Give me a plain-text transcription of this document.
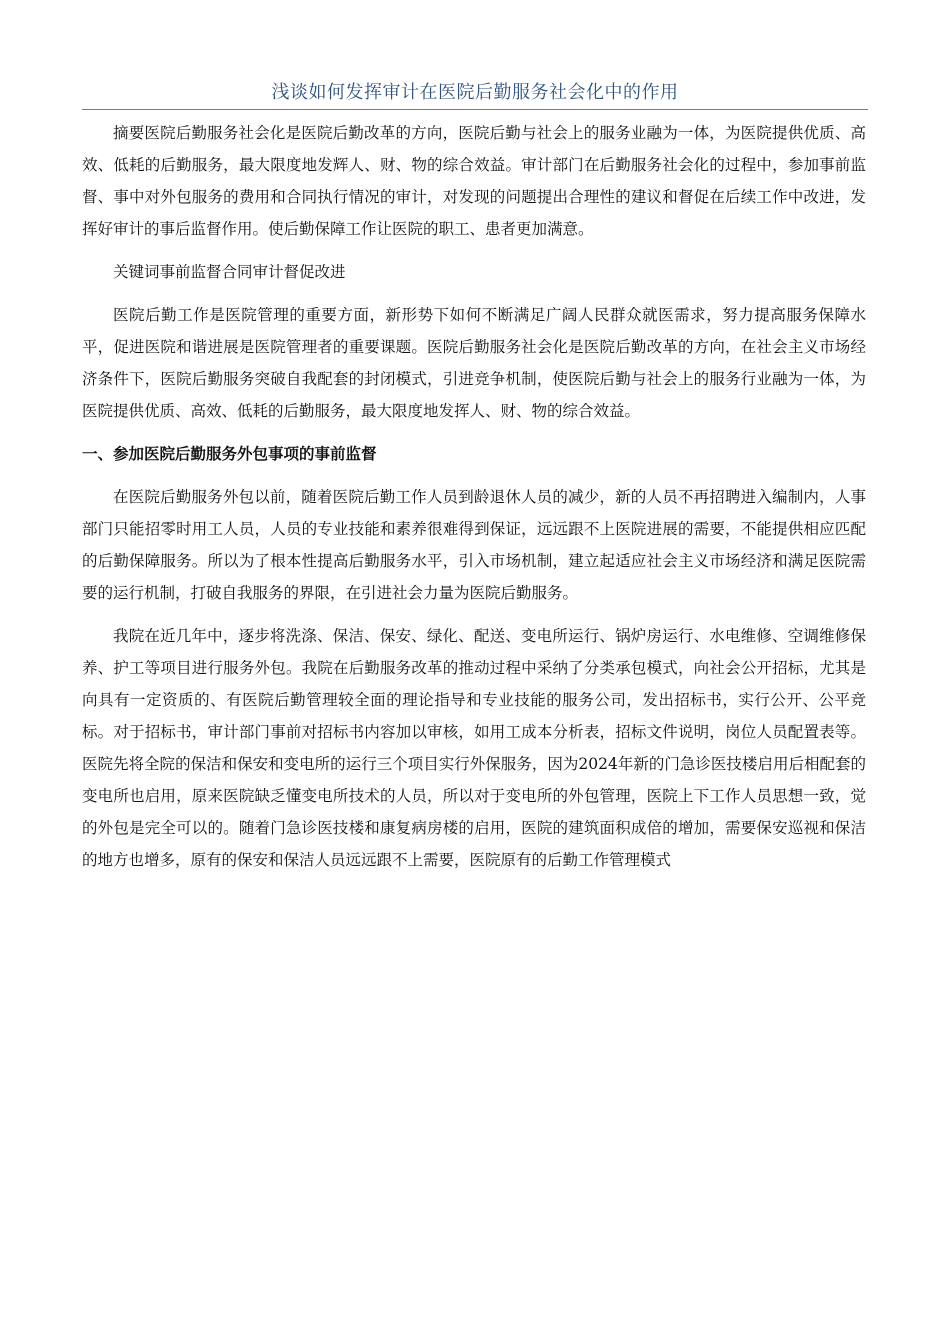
浅谈如何发挥审计在医院后勤服务社会化中的作用

摘要医院后勤服务社会化是医院后勤改革的方向，医院后勤与社会上的服务业融为一体，为医院提供优质、高效、低耗的后勤服务，最大限度地发辉人、财、物的综合效益。审计部门在后勤服务社会化的过程中，参加事前监督、事中对外包服务的费用和合同执行情况的审计，对发现的问题提出合理性的建议和督促在后续工作中改进，发挥好审计的事后监督作用。使后勤保障工作让医院的职工、患者更加满意。

关键词事前监督合同审计督促改进

医院后勤工作是医院管理的重要方面，新形势下如何不断满足广阔人民群众就医需求，努力提高服务保障水平，促进医院和谐进展是医院管理者的重要课题。医院后勤服务社会化是医院后勤改革的方向，在社会主义市场经济条件下，医院后勤服务突破自我配套的封闭模式，引进竞争机制，使医院后勤与社会上的服务行业融为一体，为医院提供优质、高效、低耗的后勤服务，最大限度地发挥人、财、物的综合效益。

一、参加医院后勤服务外包事项的事前监督

在医院后勤服务外包以前，随着医院后勤工作人员到龄退休人员的减少，新的人员不再招聘进入编制内，人事部门只能招零时用工人员，人员的专业技能和素养很难得到保证，远远跟不上医院进展的需要，不能提供相应匹配的后勤保障服务。所以为了根本性提高后勤服务水平，引入市场机制，建立起适应社会主义市场经济和满足医院需要的运行机制，打破自我服务的界限，在引进社会力量为医院后勤服务。

我院在近几年中，逐步将洗涤、保洁、保安、绿化、配送、变电所运行、锅炉房运行、水电维修、空调维修保养、护工等项目进行服务外包。我院在后勤服务改革的推动过程中采纳了分类承包模式，向社会公开招标，尤其是向具有一定资质的、有医院后勤管理较全面的理论指导和专业技能的服务公司，发出招标书，实行公开、公平竞标。对于招标书，审计部门事前对招标书内容加以审核，如用工成本分析表，招标文件说明，岗位人员配置表等。医院先将全院的保洁和保安和变电所的运行三个项目实行外保服务，因为2024年新的门急诊医技楼启用后相配套的变电所也启用，原来医院缺乏懂变电所技术的人员，所以对于变电所的外包管理，医院上下工作人员思想一致，觉的外包是完全可以的。随着门急诊医技楼和康复病房楼的启用，医院的建筑面积成倍的增加，需要保安巡视和保洁的地方也增多，原有的保安和保洁人员远远跟不上需要，医院原有的后勤工作管理模式
